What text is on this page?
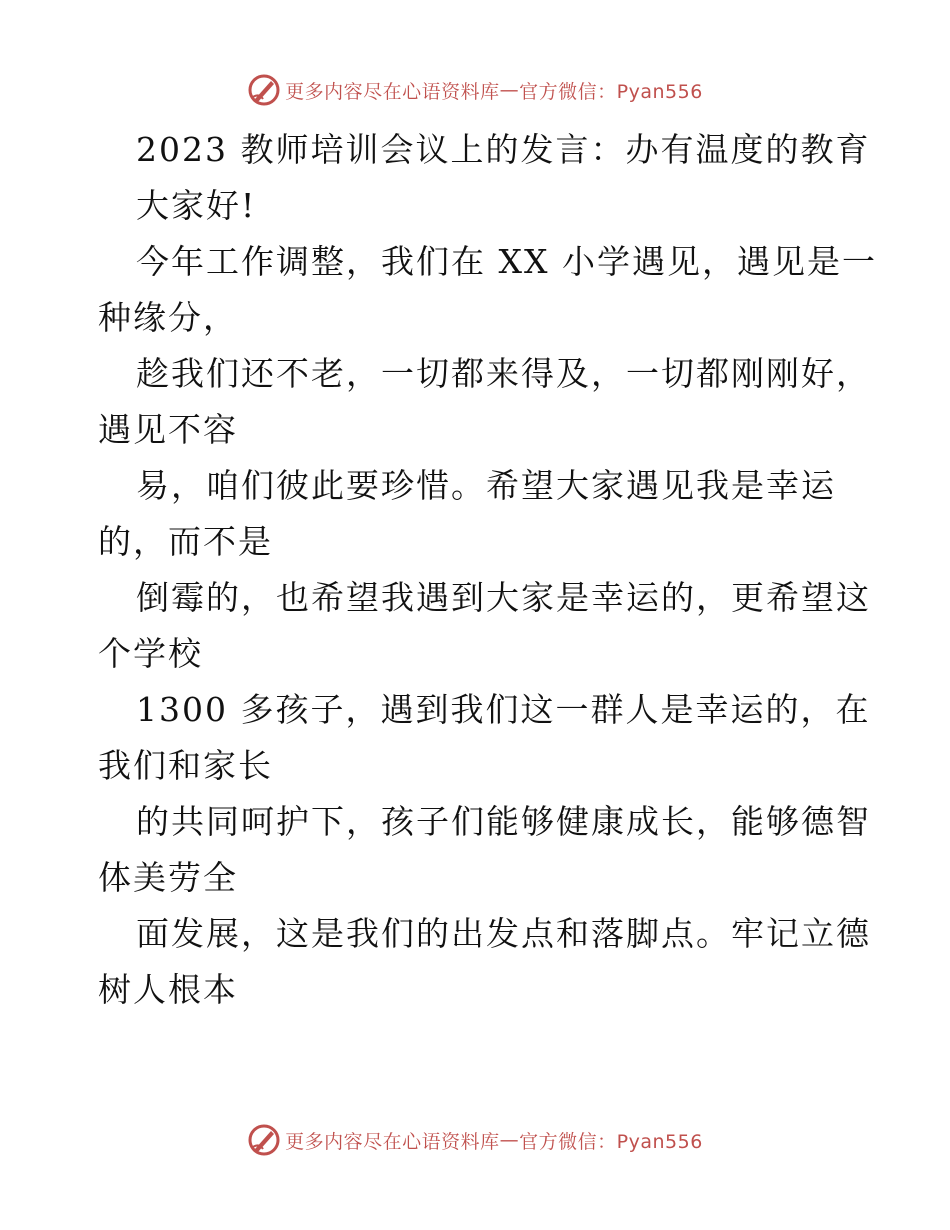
更多内容尽在心语资料库 — 官方微信：Pyan556
2023 教师培训会议上的发言：办有温度的教育
大家好!
今年工作调整，我们在 XX 小学遇见，遇见是一
种缘分，
趁我们还不老，一切都来得及，一切都刚刚好，
遇见不容
易，咱们彼此要珍惜。希望大家遇见我是幸运
的，而不是
倒霉的，也希望我遇到大家是幸运的，更希望这
个学校
1300 多孩子，遇到我们这一群人是幸运的，在
我们和家长
的共同呵护下，孩子们能够健康成长，能够德智
体美劳全
面发展，这是我们的出发点和落脚点。牢记立德
树人根本
更多内容尽在心语资料库 — 官方微信：Pyan556
